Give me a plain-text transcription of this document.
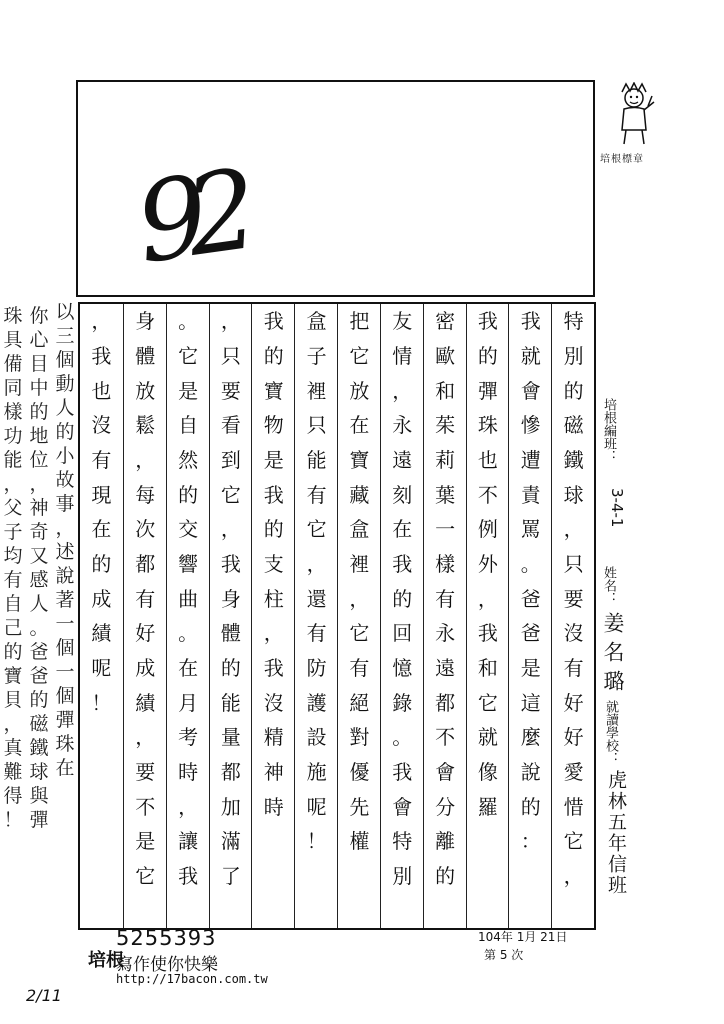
92	培根標章
特
別
的
磁
鐵
球
，
只
要
沒
有
好
好
愛
惜
它
，
我
就
會
慘
遭
責
罵
。
爸
爸
是
這
麼
說
的
：
我
的
彈
珠
也
不
例
外
，
我
和
它
就
像
羅
密
歐
和
茱
莉
葉
一
樣
有
永
遠
都
不
會
分
離
的
友
情
，
永
遠
刻
在
我
的
回
憶
錄
。
我
會
特
別
把
它
放
在
寶
藏
盒
裡
，
它
有
絕
對
優
先
權
盒
子
裡
只
能
有
它
，
還
有
防
護
設
施
呢
！
我
的
寶
物
是
我
的
支
柱
，
我
沒
精
神
時
，
只
要
看
到
它
，
我
身
體
的
能
量
都
加
滿
了
。
它
是
自
然
的
交
響
曲
。
在
月
考
時
，
讓
我
身
體
放
鬆
，
每
次
都
有
好
成
績
，
要
不
是
它
，
我
也
沒
有
現
在
的
成
績
呢
！
培根編班：
3-4-1
姓名：
姜名璐
就讀學校：
虎林五年信班
以
三
個
動
人
的
小
故
事
，
述
說
著
一
個
一
個
彈
珠
在
你
心
目
中
的
地
位
，
神
奇
又
感
人
。
爸
爸
的
磁
鐵
球
與
彈
珠
具
備
同
樣
功
能
，
父
子
均
有
自
己
的
寶
貝
，
真
難
得
！
2/11
5255393
培根
寫作使你快樂
http://17bacon.com.tw
104年 1月 21日
第 5 次
